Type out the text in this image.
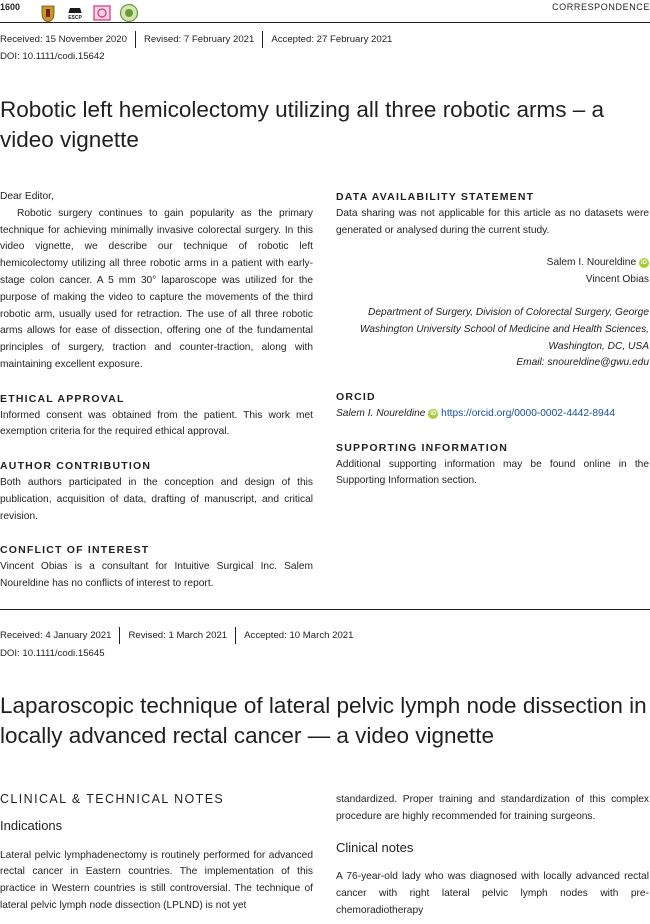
1600
ESCP
CORRESPONDENCE
Received: 15 November 2020 Revised: 7 February 2021 Accepted: 27 February 2021
DOI: 10.1111/codi.15642
Robotic left hemicolectomy utilizing all three robotic arms – a video vignette

Dear Editor,

Robotic surgery continues to gain popularity as the primary technique for achieving minimally invasive colorectal surgery. In this video vignette, we describe our technique of robotic left hemicolectomy utilizing all three robotic arms in a patient with early-stage colon cancer. A 5 mm 30° laparoscope was utilized for the purpose of making the video to capture the movements of the third robotic arm, usually used for retraction. The use of all three robotic arms allows for ease of dissection, offering one of the fundamental principles of surgery, traction and counter-traction, along with maintaining excellent exposure.

ETHICAL APPROVAL

Informed consent was obtained from the patient. This work met exemption criteria for the required ethical approval.

AUTHOR CONTRIBUTION

Both authors participated in the conception and design of this publication, acquisition of data, drafting of manuscript, and critical revision.

CONFLICT OF INTEREST

Vincent Obias is a consultant for Intuitive Surgical Inc. Salem Noureldine has no conflicts of interest to report.

DATA AVAILABILITY STATEMENT

Data sharing was not applicable for this article as no datasets were generated or analysed during the current study.

Salem I. Noureldine iD

Vincent Obias

Department of Surgery, Division of Colorectal Surgery, George Washington University School of Medicine and Health Sciences, Washington, DC, USA

Email: snoureldine@gwu.edu

ORCID

Salem I. Noureldine iD https://orcid.org/0000-0002-4442-8944

SUPPORTING INFORMATION

Additional supporting information may be found online in the Supporting Information section.

Received: 4 January 2021 Revised: 1 March 2021 Accepted: 10 March 2021
DOI: 10.1111/codi.15645
Laparoscopic technique of lateral pelvic lymph node dissection in locally advanced rectal cancer — a video vignette

CLINICAL & TECHNICAL NOTES

Indications

Lateral pelvic lymphadenectomy is routinely performed for advanced rectal cancer in Eastern countries. The implementation of this practice in Western countries is still controversial. The technique of lateral pelvic lymph node dissection (LPLND) is not yet

standardized. Proper training and standardization of this complex procedure are highly recommended for training surgeons.

Clinical notes

A 76-year-old lady who was diagnosed with locally advanced rectal cancer with right lateral pelvic lymph nodes with pre-chemoradiotherapy
